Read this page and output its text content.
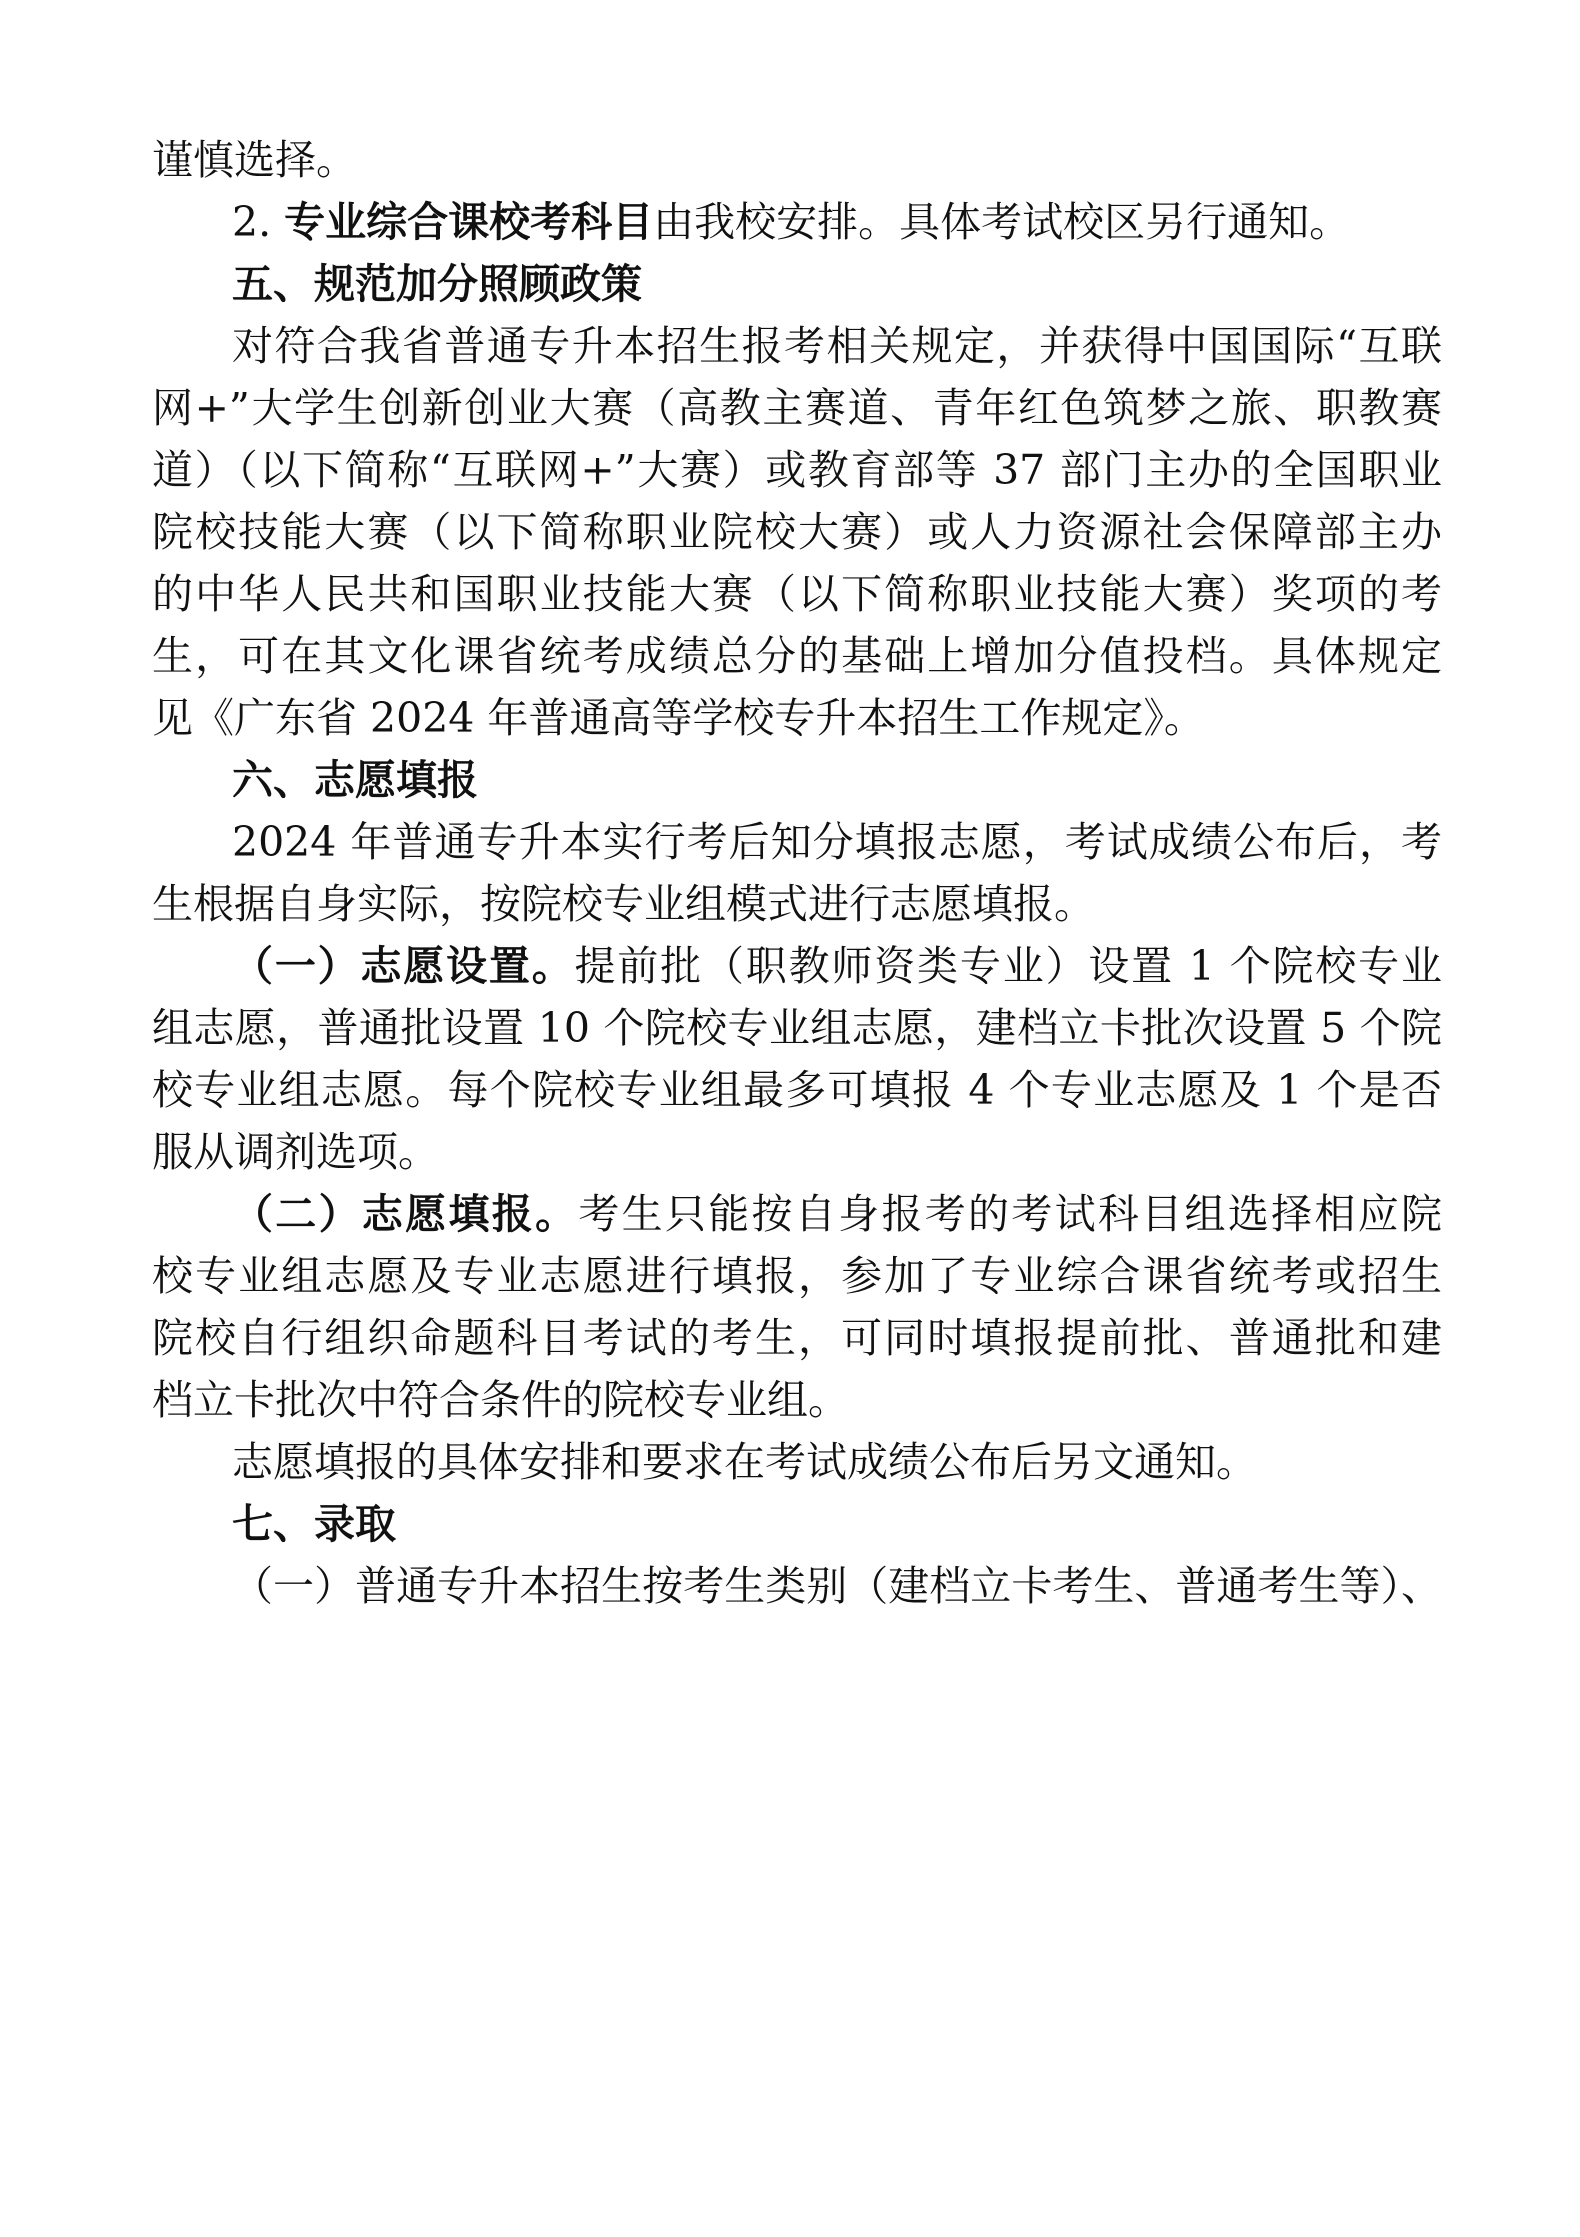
谨慎选择。
2. 专业综合课校考科目由我校安排。具体考试校区另行通知。
五、规范加分照顾政策
对符合我省普通专升本招生报考相关规定，并获得中国国际“互联
网+”大学生创新创业大赛（高教主赛道、青年红色筑梦之旅、职教赛
道）（以下简称“互联网+”大赛）或教育部等 37 部门主办的全国职业
院校技能大赛（以下简称职业院校大赛）或人力资源社会保障部主办
的中华人民共和国职业技能大赛（以下简称职业技能大赛）奖项的考
生，可在其文化课省统考成绩总分的基础上增加分值投档。具体规定
见《广东省 2024 年普通高等学校专升本招生工作规定》。
六、志愿填报
2024 年普通专升本实行考后知分填报志愿，考试成绩公布后，考
生根据自身实际，按院校专业组模式进行志愿填报。
（一）志愿设置。提前批（职教师资类专业）设置 1 个院校专业
组志愿，普通批设置 10 个院校专业组志愿，建档立卡批次设置 5 个院
校专业组志愿。每个院校专业组最多可填报 4 个专业志愿及 1 个是否
服从调剂选项。
（二）志愿填报。考生只能按自身报考的考试科目组选择相应院
校专业组志愿及专业志愿进行填报，参加了专业综合课省统考或招生
院校自行组织命题科目考试的考生，可同时填报提前批、普通批和建
档立卡批次中符合条件的院校专业组。
志愿填报的具体安排和要求在考试成绩公布后另文通知。
七、录取
（一）普通专升本招生按考生类别（建档立卡考生、普通考生等）、
